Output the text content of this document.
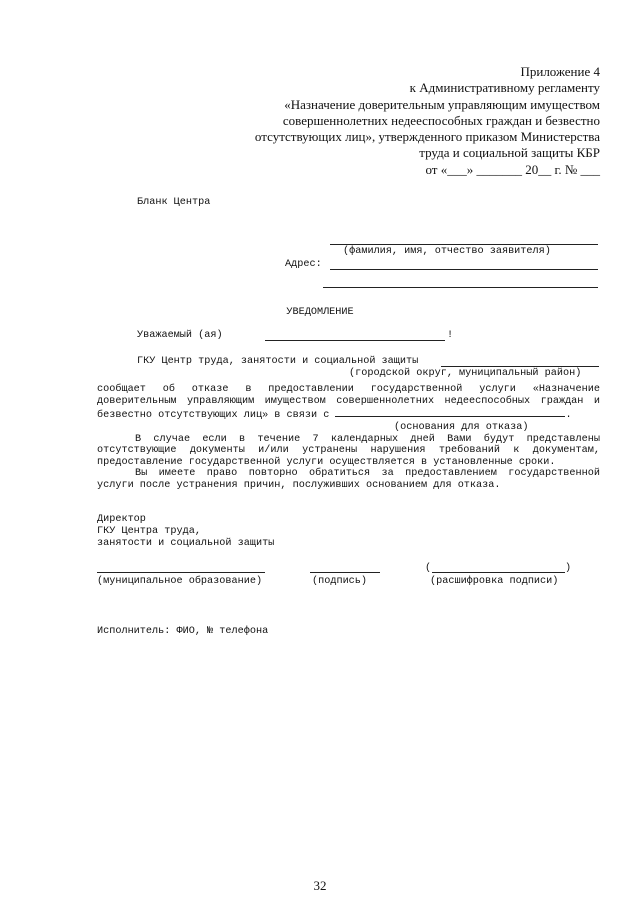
Приложение 4
к Административному регламенту
«Назначение доверительным управляющим имуществом
совершеннолетних недееспособных граждан и безвестно
отсутствующих лиц», утвержденного приказом Министерства
труда и социальной защиты КБР
от «___» _______ 20__ г. № ___
Бланк Центра
(фамилия, имя, отчество заявителя)
Адрес:
УВЕДОМЛЕНИЕ
Уважаемый (ая)	!
ГКУ Центр труда, занятости и социальной защиты
(городской округ, муниципальный район)
сообщает об отказе в предоставлении государственной услуги «Назначение доверительным управляющим имуществом совершеннолетних недееспособных граждан и безвестно отсутствующих лиц» в связи с	.
(основания для отказа)
В случае если в течение 7 календарных дней Вами будут представлены отсутствующие документы и/или устранены нарушения требований к документам, предоставление государственной услуги осуществляется в установленные сроки.
Вы имеете право повторно обратиться за предоставлением государственной услуги после устранения причин, послуживших основанием для отказа.
Директор
ГКУ Центра труда,
занятости и социальной защиты
(муниципальное образование)	(подпись)
(	)
(расшифровка подписи)
Исполнитель: ФИО, № телефона
32
